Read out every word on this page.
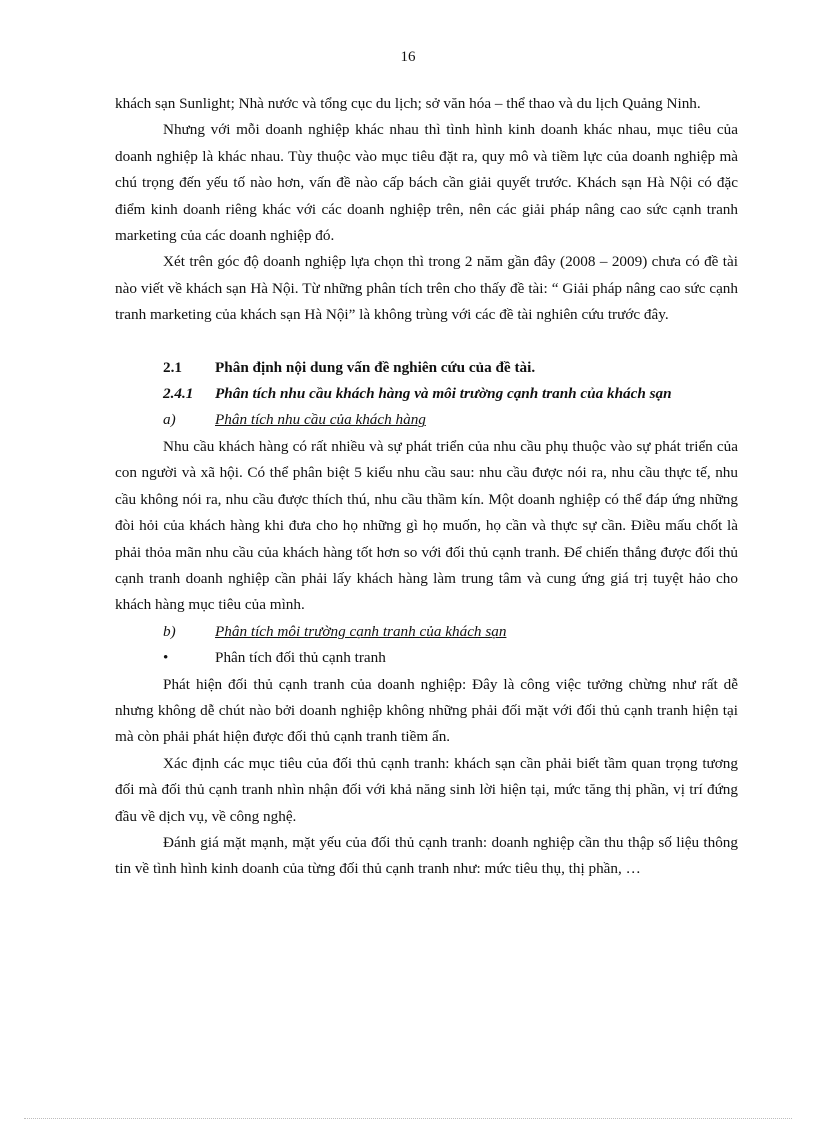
16

khách sạn Sunlight; Nhà nước và tổng cục du lịch; sở văn hóa – thể thao và du lịch Quảng Ninh.

Nhưng với mỗi doanh nghiệp khác nhau thì tình hình kinh doanh khác nhau, mục tiêu của doanh nghiệp là khác nhau. Tùy thuộc vào mục tiêu đặt ra, quy mô và tiềm lực của doanh nghiệp mà chú trọng đến yếu tố nào hơn, vấn đề nào cấp bách cần giải quyết trước. Khách sạn Hà Nội có đặc điểm kinh doanh riêng khác với các doanh nghiệp trên, nên các giải pháp nâng cao sức cạnh tranh marketing của các doanh nghiệp đó.

Xét trên góc độ doanh nghiệp lựa chọn thì trong 2 năm gần đây (2008 – 2009) chưa có đề tài nào viết về khách sạn Hà Nội. Từ những phân tích trên cho thấy đề tài: “ Giải pháp nâng cao sức cạnh tranh marketing của khách sạn Hà Nội” là không trùng với các đề tài nghiên cứu trước đây.

2.1 Phân định nội dung vấn đề nghiên cứu của đề tài.

2.4.1 Phân tích nhu cầu khách hàng và môi trường cạnh tranh của khách sạn

a)	Phân tích nhu cầu của khách hàng

Nhu cầu khách hàng có rất nhiều và sự phát triển của nhu cầu phụ thuộc vào sự phát triển của con người và xã hội. Có thể phân biệt 5 kiểu nhu cầu sau: nhu cầu được nói ra, nhu cầu thực tế, nhu cầu không nói ra, nhu cầu được thích thú, nhu cầu thầm kín. Một doanh nghiệp có thể đáp ứng những đòi hỏi của khách hàng khi đưa cho họ những gì họ muốn, họ cần và thực sự cần. Điều mấu chốt là phải thỏa mãn nhu cầu của khách hàng tốt hơn so với đối thủ cạnh tranh. Để chiến thắng được đối thủ cạnh tranh doanh nghiệp cần phải lấy khách hàng làm trung tâm và cung ứng giá trị tuyệt hảo cho khách hàng mục tiêu của mình.

b)	Phân tích môi trường cạnh tranh của khách sạn

•	Phân tích đối thủ cạnh tranh

Phát hiện đối thủ cạnh tranh của doanh nghiệp: Đây là công việc tưởng chừng như rất dễ nhưng không dễ chút nào bởi doanh nghiệp không những phải đối mặt với đối thủ cạnh tranh hiện tại mà còn phải phát hiện được đối thủ cạnh tranh tiềm ẩn.

Xác định các mục tiêu của đối thủ cạnh tranh: khách sạn cần phải biết tầm quan trọng tương đối mà đối thủ cạnh tranh nhìn nhận đối với khả năng sinh lời hiện tại, mức tăng thị phần, vị trí đứng đầu về dịch vụ, về công nghệ.

Đánh giá mặt mạnh, mặt yếu của đối thủ cạnh tranh: doanh nghiệp cần thu thập số liệu thông tin về tình hình kinh doanh của từng đối thủ cạnh tranh như: mức tiêu thụ, thị phần, …
